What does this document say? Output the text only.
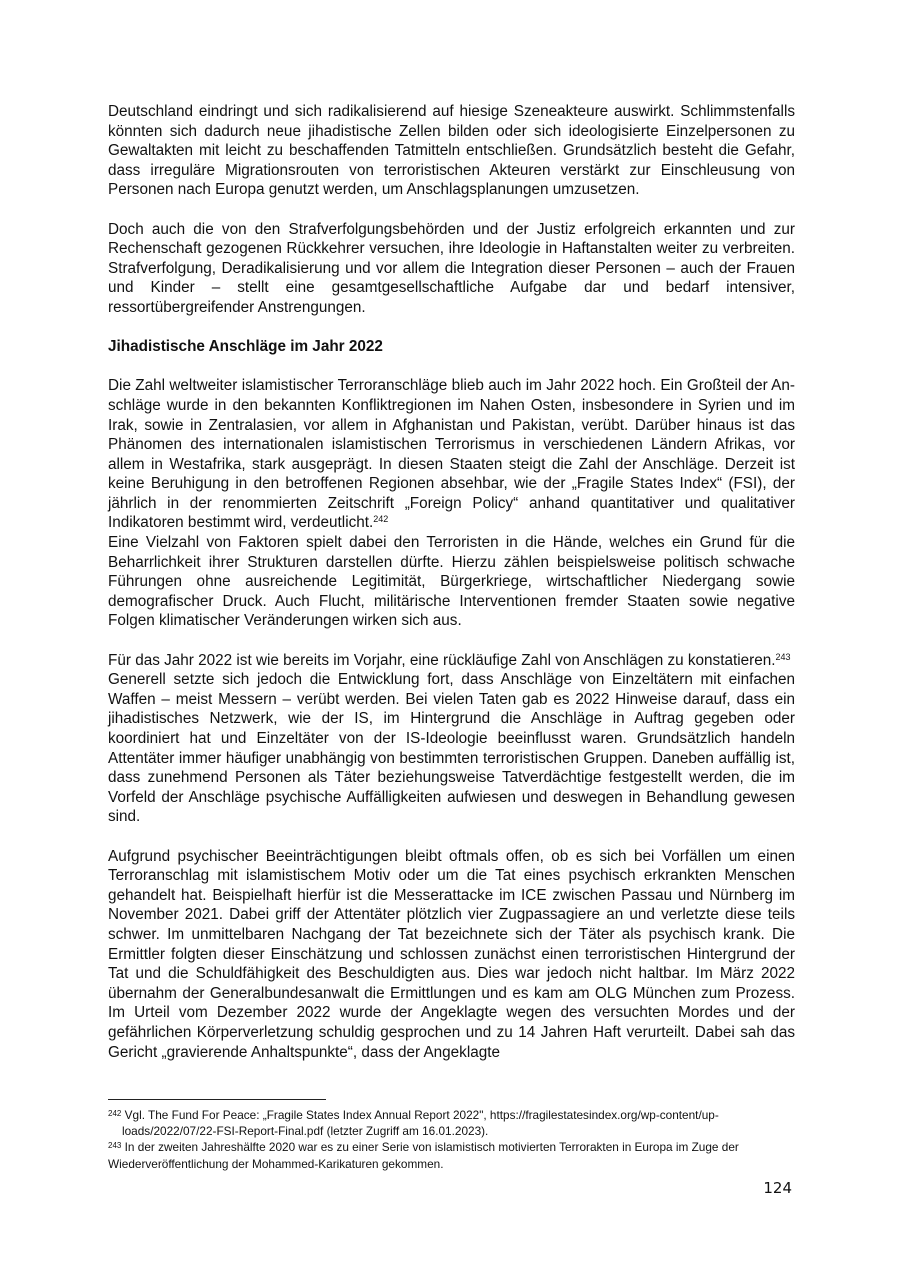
Deutschland eindringt und sich radikalisierend auf hiesige Szeneakteure auswirkt. Schlimmstenfalls könnten sich dadurch neue jihadistische Zellen bilden oder sich ideologisierte Einzelpersonen zu Gewaltakten mit leicht zu beschaffenden Tatmitteln entschließen. Grundsätzlich besteht die Gefahr, dass irreguläre Migrationsrouten von terroristischen Akteuren verstärkt zur Einschleusung von Personen nach Europa genutzt werden, um Anschlagsplanungen umzusetzen.

Doch auch die von den Strafverfolgungsbehörden und der Justiz erfolgreich erkannten und zur Rechenschaft gezogenen Rückkehrer versuchen, ihre Ideologie in Haftanstalten weiter zu verbreiten. Strafverfolgung, Deradikalisierung und vor allem die Integration dieser Personen – auch der Frauen und Kinder – stellt eine gesamtgesellschaftliche Aufgabe dar und bedarf intensiver, ressortübergreifender Anstrengungen.

Jihadistische Anschläge im Jahr 2022

Die Zahl weltweiter islamistischer Terroranschläge blieb auch im Jahr 2022 hoch. Ein Großteil der Anschläge wurde in den bekannten Konfliktregionen im Nahen Osten, insbesondere in Syrien und im Irak, sowie in Zentralasien, vor allem in Afghanistan und Pakistan, verübt. Darüber hinaus ist das Phänomen des internationalen islamistischen Terrorismus in verschiedenen Ländern Afrikas, vor allem in Westafrika, stark ausgeprägt. In diesen Staaten steigt die Zahl der Anschläge. Derzeit ist keine Beruhigung in den betroffenen Regionen absehbar, wie der „Fragile States Index“ (FSI), der jährlich in der renommierten Zeitschrift „Foreign Policy“ anhand quantitativer und qualitativer Indikatoren bestimmt wird, verdeutlicht.$^{242}$
Eine Vielzahl von Faktoren spielt dabei den Terroristen in die Hände, welches ein Grund für die Beharrlichkeit ihrer Strukturen darstellen dürfte. Hierzu zählen beispielsweise politisch schwache Führungen ohne ausreichende Legitimität, Bürgerkriege, wirtschaftlicher Niedergang sowie demografischer Druck. Auch Flucht, militärische Interventionen fremder Staaten sowie negative Folgen klimatischer Veränderungen wirken sich aus.

Für das Jahr 2022 ist wie bereits im Vorjahr, eine rückläufige Zahl von Anschlägen zu konstatieren.$^{243}$
Generell setzte sich jedoch die Entwicklung fort, dass Anschläge von Einzeltätern mit einfachen Waffen – meist Messern – verübt werden. Bei vielen Taten gab es 2022 Hinweise darauf, dass ein jihadistisches Netzwerk, wie der IS, im Hintergrund die Anschläge in Auftrag gegeben oder koordiniert hat und Einzeltäter von der IS-Ideologie beeinflusst waren. Grundsätzlich handeln Attentäter immer häufiger unabhängig von bestimmten terroristischen Gruppen. Daneben auffällig ist, dass zunehmend Personen als Täter beziehungsweise Tatverdächtige festgestellt werden, die im Vorfeld der Anschläge psychische Auffälligkeiten aufwiesen und deswegen in Behandlung gewesen sind.

Aufgrund psychischer Beeinträchtigungen bleibt oftmals offen, ob es sich bei Vorfällen um einen Terroranschlag mit islamistischem Motiv oder um die Tat eines psychisch erkrankten Menschen gehandelt hat. Beispielhaft hierfür ist die Messerattacke im ICE zwischen Passau und Nürnberg im November 2021. Dabei griff der Attentäter plötzlich vier Zugpassagiere an und verletzte diese teils schwer. Im unmittelbaren Nachgang der Tat bezeichnete sich der Täter als psychisch krank. Die Ermittler folgten dieser Einschätzung und schlossen zunächst einen terroristischen Hintergrund der Tat und die Schuldfähigkeit des Beschuldigten aus. Dies war jedoch nicht haltbar. Im März 2022 übernahm der Generalbundesanwalt die Ermittlungen und es kam am OLG München zum Prozess. Im Urteil vom Dezember 2022 wurde der Angeklagte wegen des versuchten Mordes und der gefährlichen Körperverletzung schuldig gesprochen und zu 14 Jahren Haft verurteilt. Dabei sah das Gericht „gravierende Anhaltspunkte“, dass der Angeklagte

$^{242}$ Vgl. The Fund For Peace: „Fragile States Index Annual Report 2022", https://fragilestatesindex.org/wp-content/up-
loads/2022/07/22-FSI-Report-Final.pdf (letzter Zugriff am 16.01.2023).
$^{243}$ In der zweiten Jahreshälfte 2020 war es zu einer Serie von islamistisch motivierten Terrorakten in Europa im Zuge der
Wiederveröffentlichung der Mohammed-Karikaturen gekommen.
124
